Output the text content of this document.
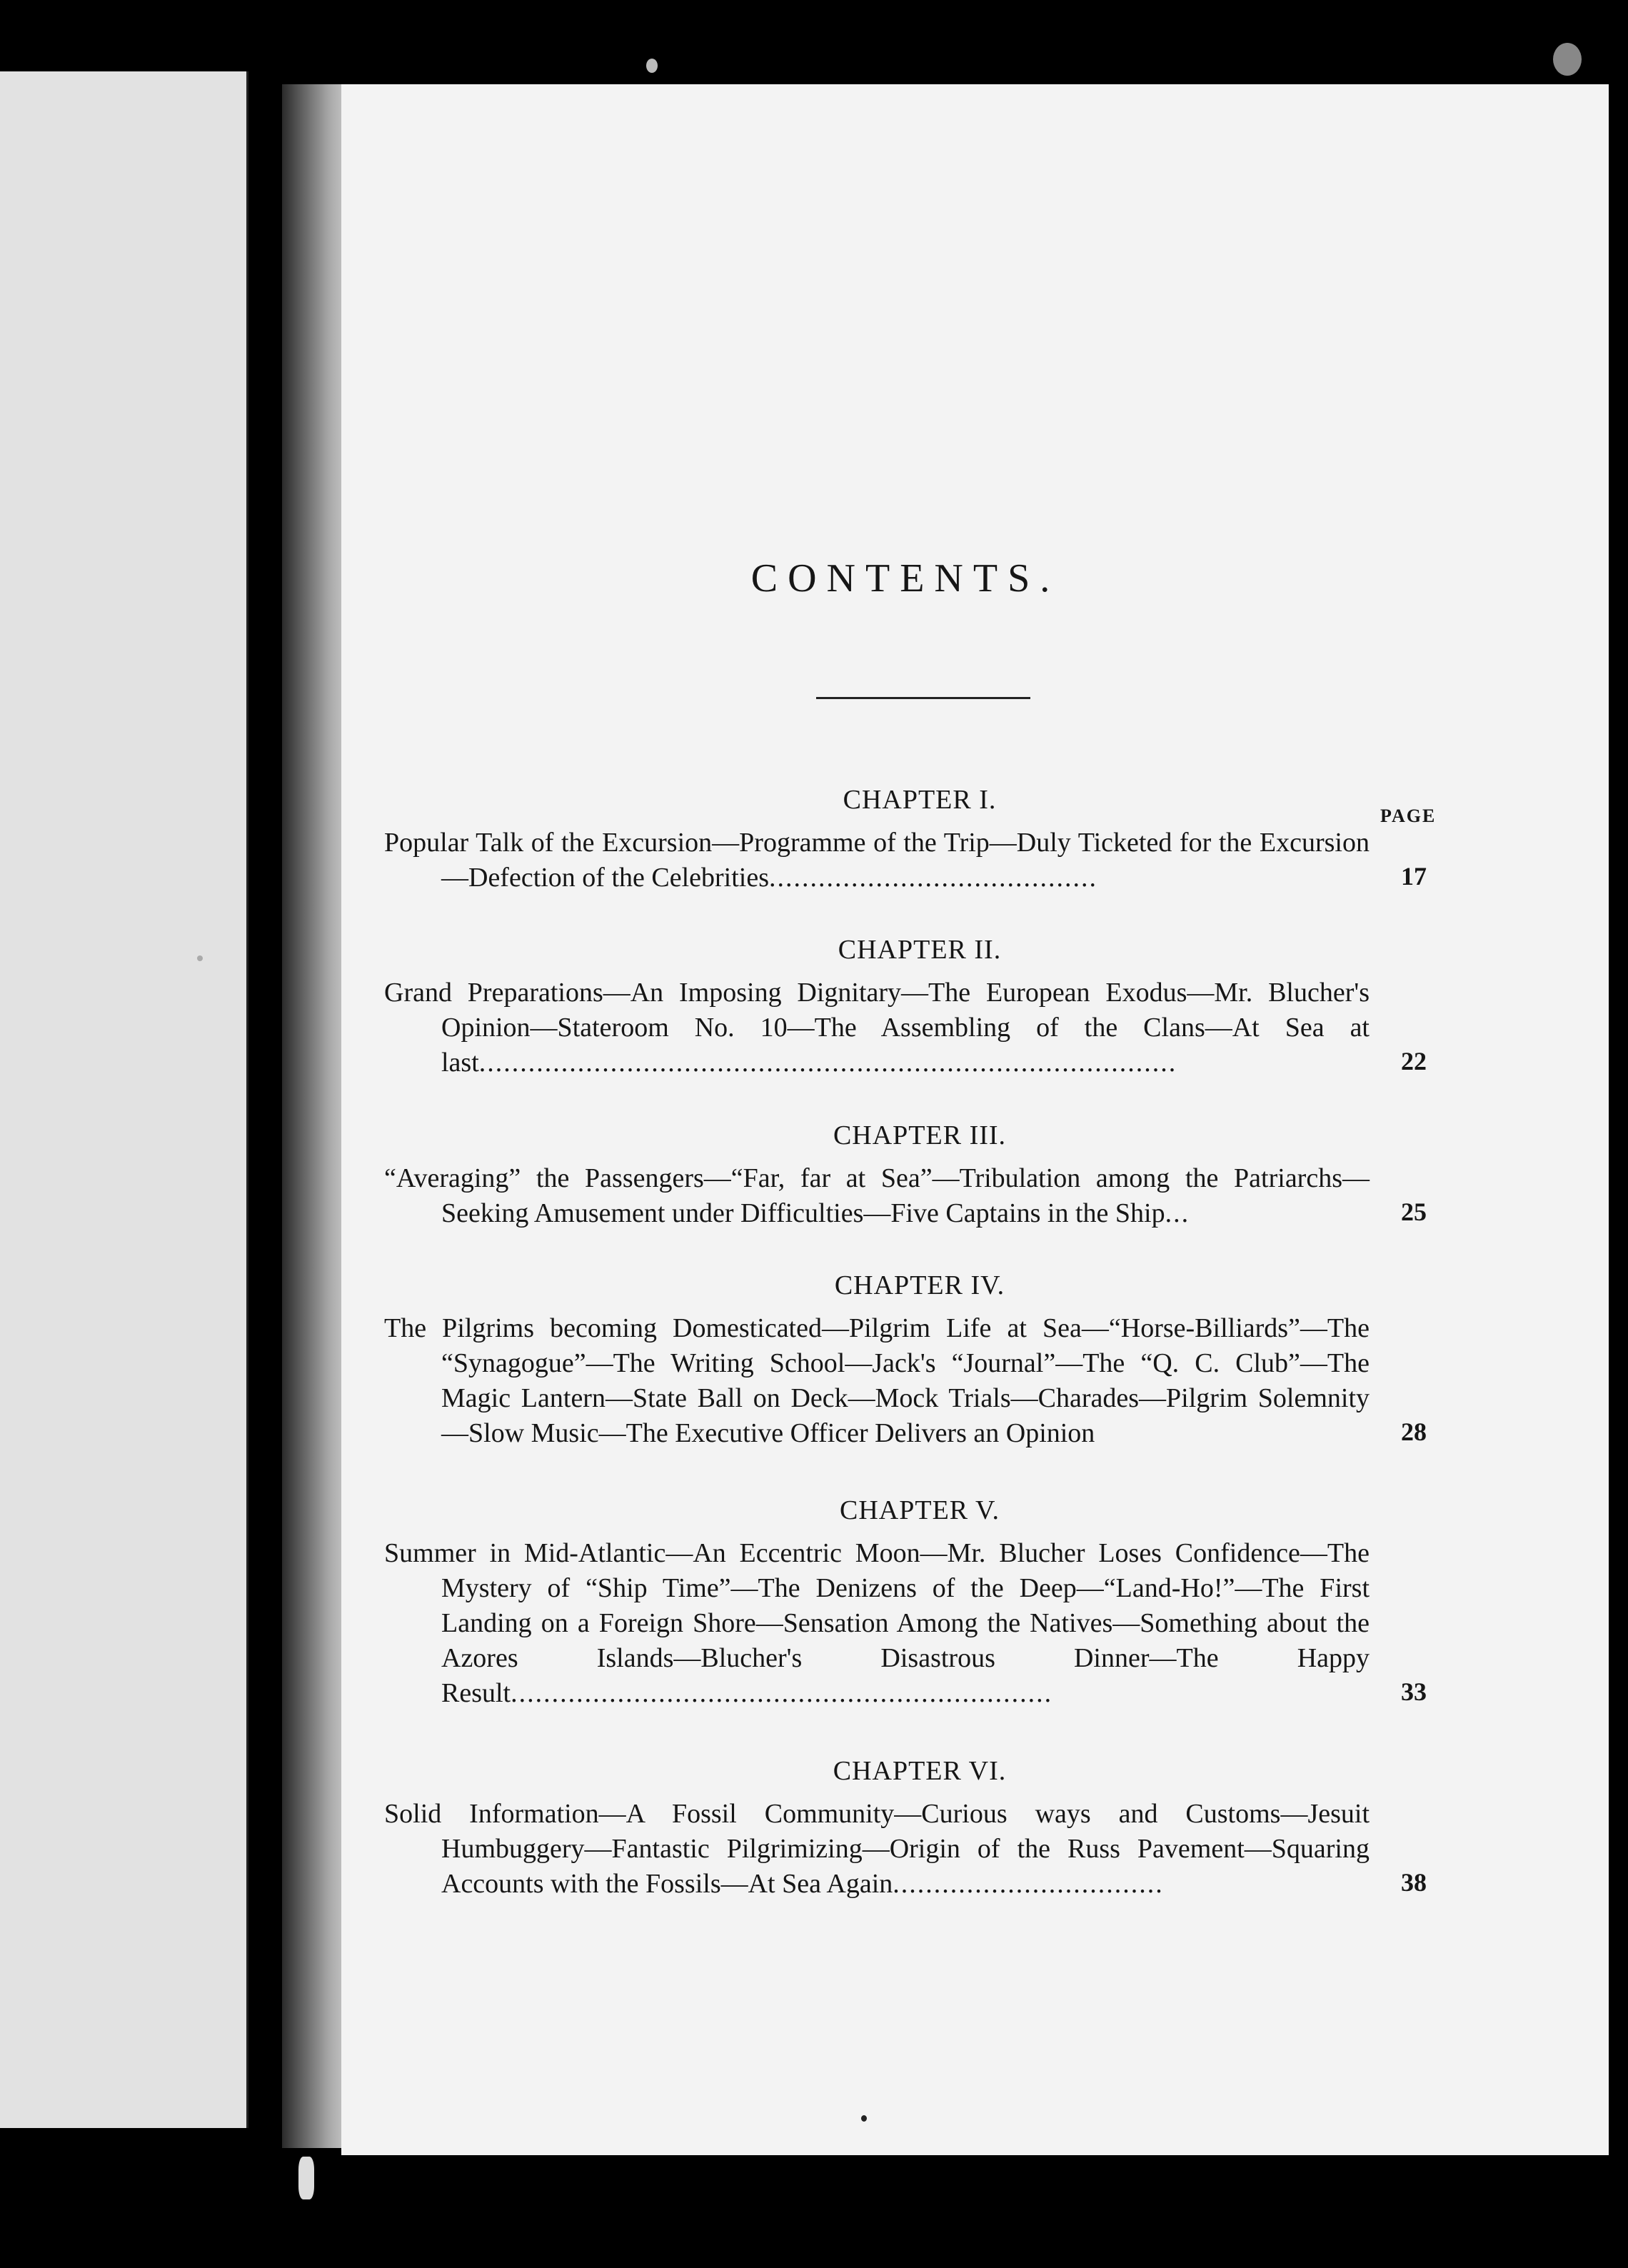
CONTENTS.
PAGE
CHAPTER I.

Popular Talk of the Excursion—Programme of the Trip—Duly Ticketed for the Excursion—Defection of the Celebrities........................................	17
CHAPTER II.

Grand Preparations—An Imposing Dignitary—The European Exodus—Mr. Blucher's Opinion—Stateroom No. 10—The Assembling of the Clans—At Sea at last.....................................................................................	22
CHAPTER III.

“Averaging” the Passengers—“Far, far at Sea”—Tribulation among the Patriarchs—Seeking Amusement under Difficulties—Five Captains in the Ship...	25
CHAPTER IV.

The Pilgrims becoming Domesticated—Pilgrim Life at Sea—“Horse-Billiards”—The “Synagogue”—The Writing School—Jack's “Journal”—The “Q. C. Club”—The Magic Lantern—State Ball on Deck—Mock Trials—Charades—Pilgrim Solemnity—Slow Music—The Executive Officer Delivers an Opinion	28
CHAPTER V.

Summer in Mid-Atlantic—An Eccentric Moon—Mr. Blucher Loses Confidence—The Mystery of “Ship Time”—The Denizens of the Deep—“Land-Ho!”—The First Landing on a Foreign Shore—Sensation Among the Natives—Something about the Azores Islands—Blucher's Disastrous Dinner—The Happy Result..................................................................	33
CHAPTER VI.

Solid Information—A Fossil Community—Curious ways and Customs—Jesuit Humbuggery—Fantastic Pilgrimizing—Origin of the Russ Pavement—Squaring Accounts with the Fossils—At Sea Again.................................	38
